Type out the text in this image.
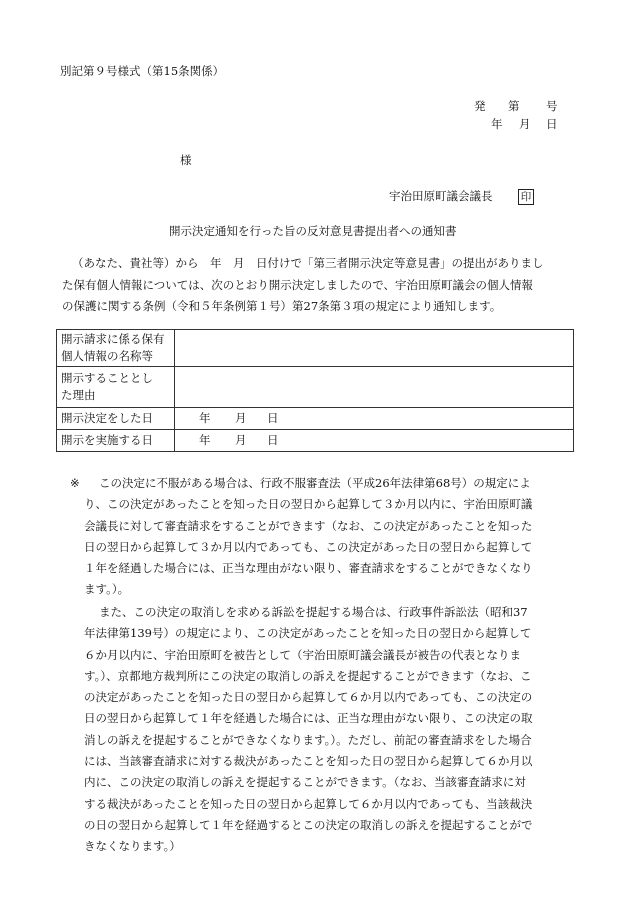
別記第９号様式（第15条関係）
発 第 号
年 月 日
様
宇治田原町議会議長	印
開示決定通知を行った旨の反対意見書提出者への通知書
（あなた、貴社等）から　年　月　日付けで「第三者開示決定等意見書」の提出がありまし
た保有個人情報については、次のとおり開示決定しましたので、宇治田原町議会の個人情報
の保護に関する条例（令和５年条例第１号）第27条第３項の規定により通知します。
開示請求に係る保有
個人情報の名称等	

開示することとし
た理由	

開示決定をした日	年 月 日
開示を実施する日	年 月 日
※	この決定に不服がある場合は、行政不服審査法（平成26年法律第68号）の規定によ
り、この決定があったことを知った日の翌日から起算して３か月以内に、宇治田原町議
会議長に対して審査請求をすることができます（なお、この決定があったことを知った
日の翌日から起算して３か月以内であっても、この決定があった日の翌日から起算して
１年を経過した場合には、正当な理由がない限り、審査請求をすることができなくなり
ます。）。
また、この決定の取消しを求める訴訟を提起する場合は、行政事件訴訟法（昭和37
年法律第139号）の規定により、この決定があったことを知った日の翌日から起算して
６か月以内に、宇治田原町を被告として（宇治田原町議会議長が被告の代表となりま
す。）、京都地方裁判所にこの決定の取消しの訴えを提起することができます（なお、こ
の決定があったことを知った日の翌日から起算して６か月以内であっても、この決定の
日の翌日から起算して１年を経過した場合には、正当な理由がない限り、この決定の取
消しの訴えを提起することができなくなります。）。ただし、前記の審査請求をした場合
には、当該審査請求に対する裁決があったことを知った日の翌日から起算して６か月以
内に、この決定の取消しの訴えを提起することができます。（なお、当該審査請求に対
する裁決があったことを知った日の翌日から起算して６か月以内であっても、当該裁決
の日の翌日から起算して１年を経過するとこの決定の取消しの訴えを提起することがで
きなくなります。）
